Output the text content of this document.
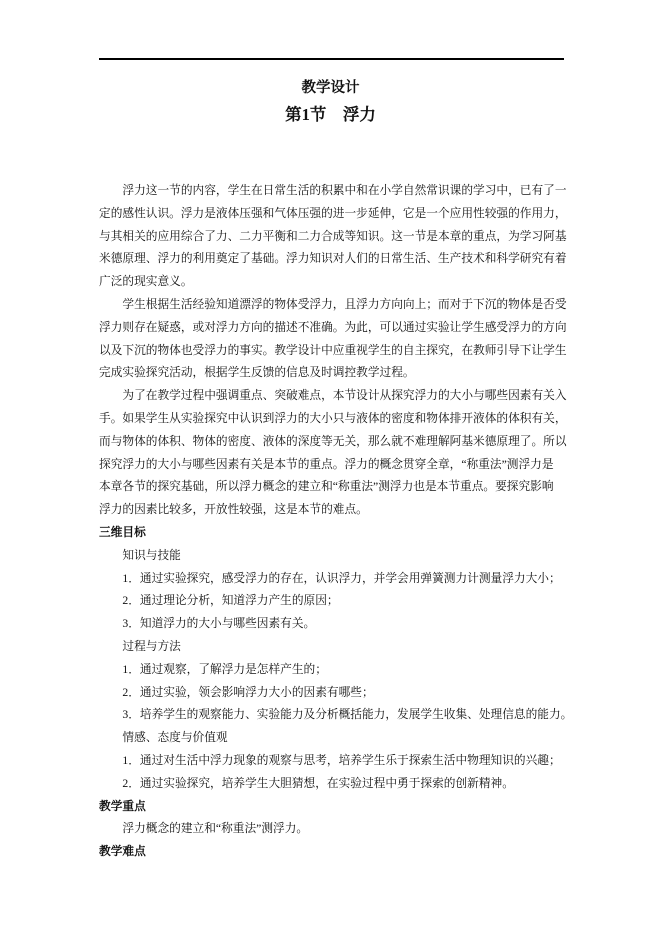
教学设计
第1节　浮力
浮力这一节的内容，学生在日常生活的积累中和在小学自然常识课的学习中，已有了一
定的感性认识。浮力是液体压强和气体压强的进一步延伸，它是一个应用性较强的作用力，
与其相关的应用综合了力、二力平衡和二力合成等知识。这一节是本章的重点，为学习阿基
米德原理、浮力的利用奠定了基础。浮力知识对人们的日常生活、生产技术和科学研究有着
广泛的现实意义。
学生根据生活经验知道漂浮的物体受浮力，且浮力方向向上；而对于下沉的物体是否受
浮力则存在疑惑，或对浮力方向的描述不准确。为此，可以通过实验让学生感受浮力的方向
以及下沉的物体也受浮力的事实。教学设计中应重视学生的自主探究，在教师引导下让学生
完成实验探究活动，根据学生反馈的信息及时调控教学过程。
为了在教学过程中强调重点、突破难点，本节设计从探究浮力的大小与哪些因素有关入
手。如果学生从实验探究中认识到浮力的大小只与液体的密度和物体排开液体的体积有关，
而与物体的体积、物体的密度、液体的深度等无关，那么就不难理解阿基米德原理了。所以
探究浮力的大小与哪些因素有关是本节的重点。浮力的概念贯穿全章，“称重法”测浮力是
本章各节的探究基础，所以浮力概念的建立和“称重法”测浮力也是本节重点。要探究影响
浮力的因素比较多，开放性较强，这是本节的难点。
三维目标
知识与技能
1．通过实验探究，感受浮力的存在，认识浮力，并学会用弹簧测力计测量浮力大小；
2．通过理论分析，知道浮力产生的原因；
3．知道浮力的大小与哪些因素有关。
过程与方法
1．通过观察，了解浮力是怎样产生的；
2．通过实验，领会影响浮力大小的因素有哪些；
3．培养学生的观察能力、实验能力及分析概括能力，发展学生收集、处理信息的能力。
情感、态度与价值观
1．通过对生活中浮力现象的观察与思考，培养学生乐于探索生活中物理知识的兴趣；
2．通过实验探究，培养学生大胆猜想，在实验过程中勇于探索的创新精神。
教学重点
浮力概念的建立和“称重法”测浮力。
教学难点
